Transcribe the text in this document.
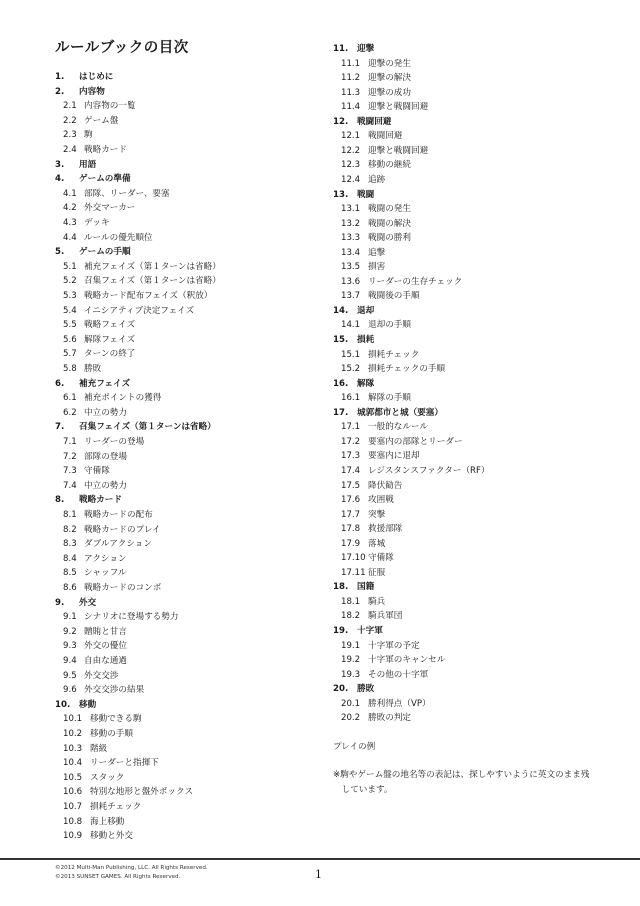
ルールブックの目次
1. はじめに
2. 内容物
2.1 内容物の一覧
2.2 ゲーム盤
2.3 駒
2.4 戦略カード
3. 用語
4. ゲームの準備
4.1 部隊、リーダー、要塞
4.2 外交マーカー
4.3 デッキ
4.4 ルールの優先順位
5. ゲームの手順
5.1 補充フェイズ（第１ターンは省略）
5.2 召集フェイズ（第１ターンは省略）
5.3 戦略カード配布フェイズ（釈放）
5.4 イニシアティブ決定フェイズ
5.5 戦略フェイズ
5.6 解隊フェイズ
5.7 ターンの終了
5.8 勝敗
6. 補充フェイズ
6.1 補充ポイントの獲得
6.2 中立の勢力
7. 召集フェイズ（第１ターンは省略）
7.1 リーダーの登場
7.2 部隊の登場
7.3 守備隊
7.4 中立の勢力
8. 戦略カード
8.1 戦略カードの配布
8.2 戦略カードのプレイ
8.3 ダブルアクション
8.4 アクション
8.5 シャッフル
8.6 戦略カードのコンボ
9. 外交
9.1 シナリオに登場する勢力
9.2 贈賄と甘言
9.3 外交の優位
9.4 自由な通過
9.5 外交交渉
9.6 外交交渉の結果
10. 移動
10.1 移動できる駒
10.2 移動の手順
10.3 階級
10.4 リーダーと指揮下
10.5 スタック
10.6 特別な地形と盤外ボックス
10.7 損耗チェック
10.8 海上移動
10.9 移動と外交
11. 迎撃
11.1 迎撃の発生
11.2 迎撃の解決
11.3 迎撃の成功
11.4 迎撃と戦闘回避
12. 戦闘回避
12.1 戦闘回避
12.2 迎撃と戦闘回避
12.3 移動の継続
12.4 追跡
13. 戦闘
13.1 戦闘の発生
13.2 戦闘の解決
13.3 戦闘の勝利
13.4 追撃
13.5 損害
13.6 リーダーの生存チェック
13.7 戦闘後の手順
14. 退却
14.1 退却の手順
15. 損耗
15.1 損耗チェック
15.2 損耗チェックの手順
16. 解隊
16.1 解隊の手順
17. 城郭都市と城（要塞）
17.1 一般的なルール
17.2 要塞内の部隊とリーダー
17.3 要塞内に退却
17.4 レジスタンスファクター（RF）
17.5 降伏勧告
17.6 攻囲戦
17.7 突撃
17.8 救援部隊
17.9 落城
17.10 守備隊
17.11 征服
18. 国籍
18.1 騎兵
18.2 騎兵軍団
19. 十字軍
19.1 十字軍の予定
19.2 十字軍のキャンセル
19.3 その他の十字軍
20. 勝敗
20.1 勝利得点（VP）
20.2 勝敗の判定
プレイの例
※駒やゲーム盤の地名等の表記は、探しやすいように英文のまま残
　しています。
©2012 Multi-Man Publishing, LLC. All Rights Reserved.
©2013 SUNSET GAMES. All Rights Reserved.	1
